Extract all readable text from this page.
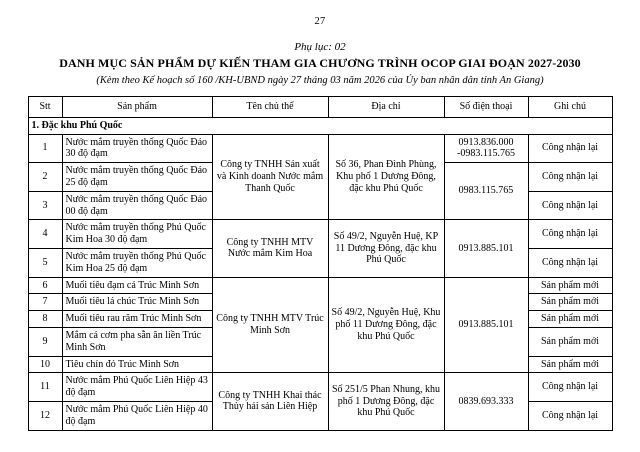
27
Phụ lục: 02
DANH MỤC SẢN PHẨM DỰ KIẾN THAM GIA CHƯƠNG TRÌNH OCOP GIAI ĐOẠN 2027-2030
(Kèm theo Kế hoạch số 160 /KH-UBND ngày 27 tháng 03 năm 2026 của Ủy ban nhân dân tỉnh An Giang)
Stt	Sản phẩm	Tên chủ thể	Địa chỉ	Số điện thoại	Ghi chú
1. Đặc khu Phú Quốc					
1	Nước mắm truyền thống Quốc Đảo 30 độ đạm	Công ty TNHH Sản xuất và Kinh doanh Nước mắm Thanh Quốc	Số 36, Phan Đình Phùng, Khu phố 1 Dương Đông, đặc khu Phú Quốc	0913.836.000 -0983.115.765	Công nhận lại
2	Nước mắm truyền thống Quốc Đảo 25 độ đạm			0983.115.765	Công nhận lại
3	Nước mắm truyền thống Quốc Đảo 00 độ đạm				Công nhận lại
4	Nước mắm truyền thống Phú Quốc Kim Hoa 30 độ đạm	Công ty TNHH MTV Nước mắm Kim Hoa	Số 49/2, Nguyễn Huệ, KP 11 Dương Đông, đặc khu Phú Quốc	0913.885.101	Công nhận lại
5	Nước mắm truyền thống Phú Quốc Kim Hoa 25 độ đạm				Công nhận lại
6	Muối tiêu đạm cá Trúc Minh Sơn	Công ty TNHH MTV Trúc Minh Sơn	Số 49/2, Nguyễn Huệ, Khu phố 11 Dương Đông, đặc khu Phú Quốc	0913.885.101	Sản phẩm mới
7	Muối tiêu lá chúc Trúc Minh Sơn				Sản phẩm mới
8	Muối tiêu rau răm Trúc Minh Sơn				Sản phẩm mới
9	Mắm cá cơm pha sẵn ăn liền Trúc Minh Sơn				Sản phẩm mới
10	Tiêu chín đỏ Trúc Minh Sơn				Sản phẩm mới
11	Nước mắm Phú Quốc Liên Hiệp 43 độ đạm	Công ty TNHH Khai thác Thủy hải sản Liên Hiệp	Số 251/5 Phan Nhung, khu phố 1 Dương Đông, đặc khu Phú Quốc	0839.693.333	Công nhận lại
12	Nước mắm Phú Quốc Liên Hiệp 40 độ đạm				Công nhận lại
